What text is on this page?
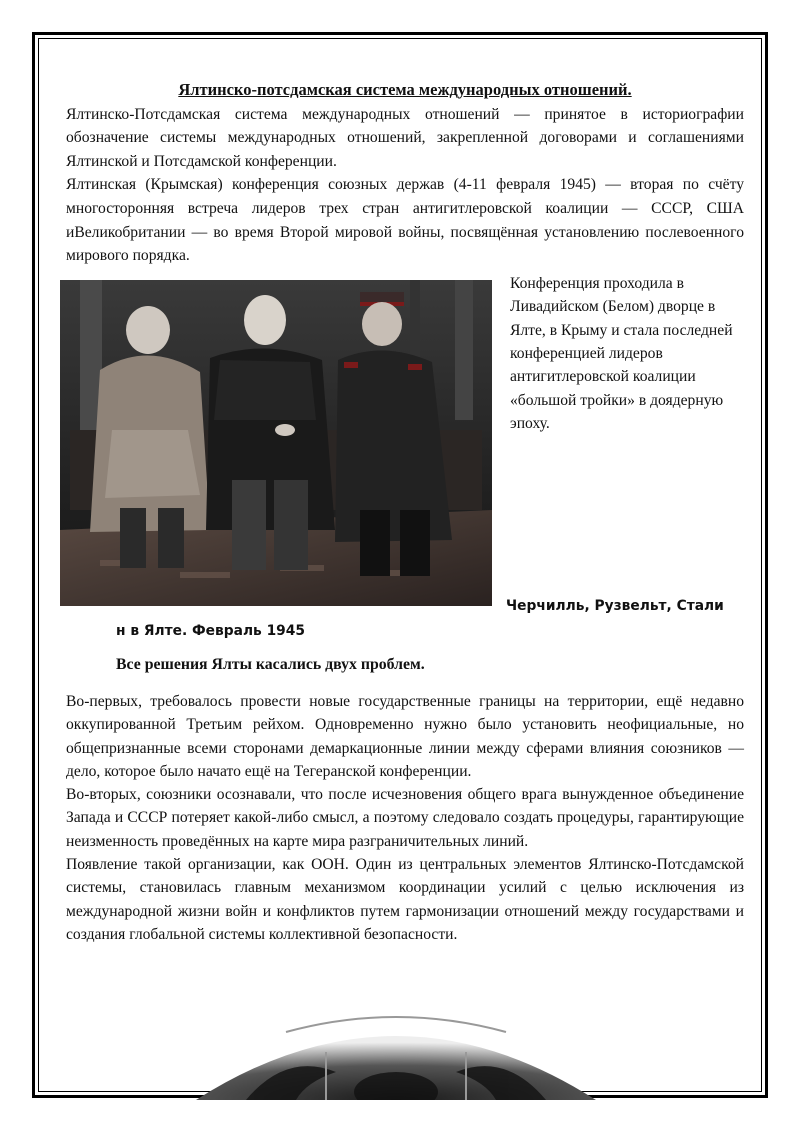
Ялтинско-потсдамская система международных отношений.

Ялтинско-Потсдамская система международных отношений — принятое в историографии обозначение системы международных отношений, закрепленной договорами и соглашениями Ялтинской и Потсдамской конференции.

Ялтинская (Крымская) конференция союзных держав (4-11 февраля 1945) — вторая по счёту многосторонняя встреча лидеров трех стран антигитлеровской коалиции — СССР, США иВеликобритании — во время Второй мировой войны, посвящённая установлению послевоенного мирового порядка.

Конференция проходила в Ливадийском (Белом) дворце в Ялте, в Крыму и стала последней конференцией лидеров антигитлеровской коалиции «большой тройки» в доядерную эпоху.
Черчилль, Рузвельт, Стали
н в Ялте. Февраль 1945
Все решения Ялты касались двух проблем.

Во-первых, требовалось провести новые государственные границы на территории, ещё недавно оккупированной Третьим рейхом. Одновременно нужно было установить неофициальные, но общепризнанные всеми сторонами демаркационные линии между сферами влияния союзников — дело, которое было начато ещё на Тегеранской конференции.

Во-вторых, союзники осознавали, что после исчезновения общего врага вынужденное объединение Запада и СССР потеряет какой-либо смысл, а поэтому следовало создать процедуры, гарантирующие неизменность проведённых на карте мира разграничительных линий.

Появление такой организации, как ООН. Один из центральных элементов Ялтинско-Потсдамской системы, становилась главным механизмом координации усилий с целью исключения из международной жизни войн и конфликтов путем гармонизации отношений между государствами и создания глобальной системы коллективной безопасности.
